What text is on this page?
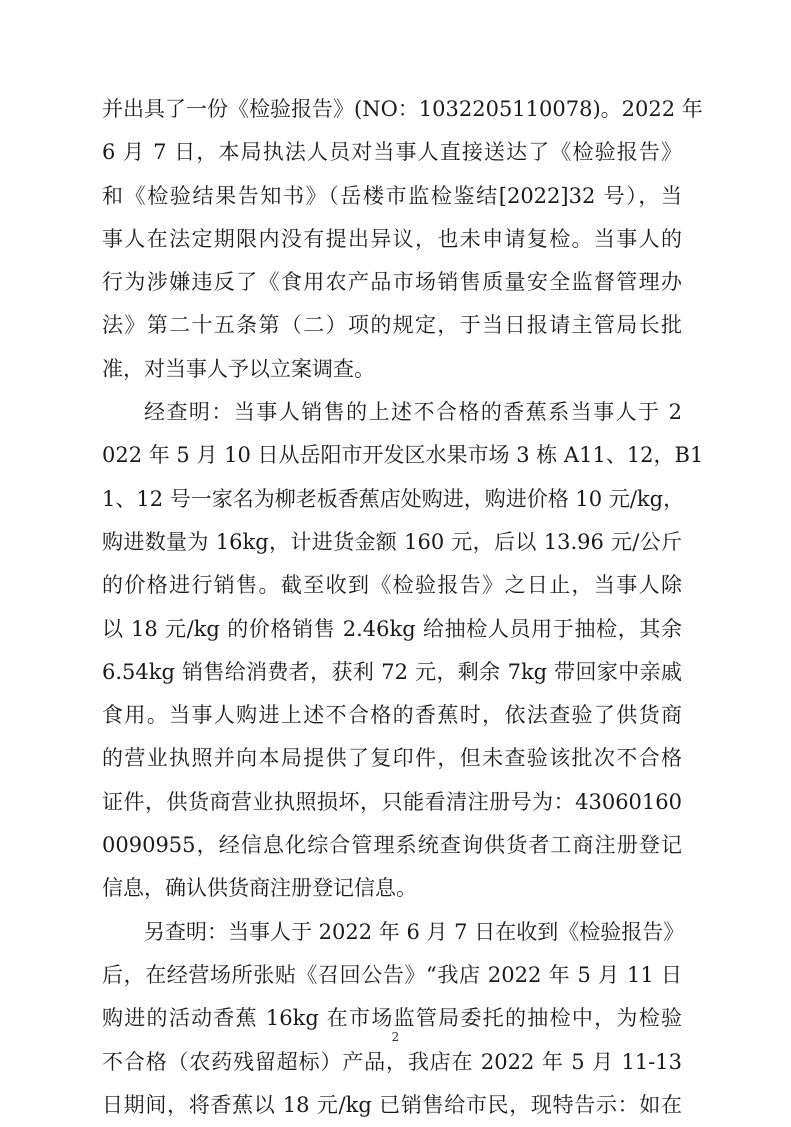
并出具了一份《检验报告》(NO：1032205110078)。2022 年
6 月 7 日，本局执法人员对当事人直接送达了《检验报告》
和《检验结果告知书》（岳楼市监检鉴结[2022]32 号），当
事人在法定期限内没有提出异议，也未申请复检。当事人的
行为涉嫌违反了《食用农产品市场销售质量安全监督管理办
法》第二十五条第（二）项的规定，于当日报请主管局长批
准，对当事人予以立案调查。

经查明：当事人销售的上述不合格的香蕉系当事人于 2
022 年 5 月 10 日从岳阳市开发区水果市场 3 栋 A11、12，B1
1、12 号一家名为柳老板香蕉店处购进，购进价格 10 元/kg，
购进数量为 16kg，计进货金额 160 元，后以 13.96 元/公斤
的价格进行销售。截至收到《检验报告》之日止，当事人除
以 18 元/kg 的价格销售 2.46kg 给抽检人员用于抽检，其余
6.54kg 销售给消费者，获利 72 元，剩余 7kg 带回家中亲戚
食用。当事人购进上述不合格的香蕉时，依法查验了供货商
的营业执照并向本局提供了复印件，但未查验该批次不合格
证件，供货商营业执照损坏，只能看清注册号为：43060160
0090955，经信息化综合管理系统查询供货者工商注册登记
信息，确认供货商注册登记信息。

另查明：当事人于 2022 年 6 月 7 日在收到《检验报告》
后，在经营场所张贴《召回公告》“我店 2022 年 5 月 11 日
购进的活动香蕉 16kg 在市场监管局委托的抽检中，为检验
不合格（农药残留超标）产品，我店在 2022 年 5 月 11-13
日期间，将香蕉以 18 元/kg 已销售给市民，现特告示：如在

2
